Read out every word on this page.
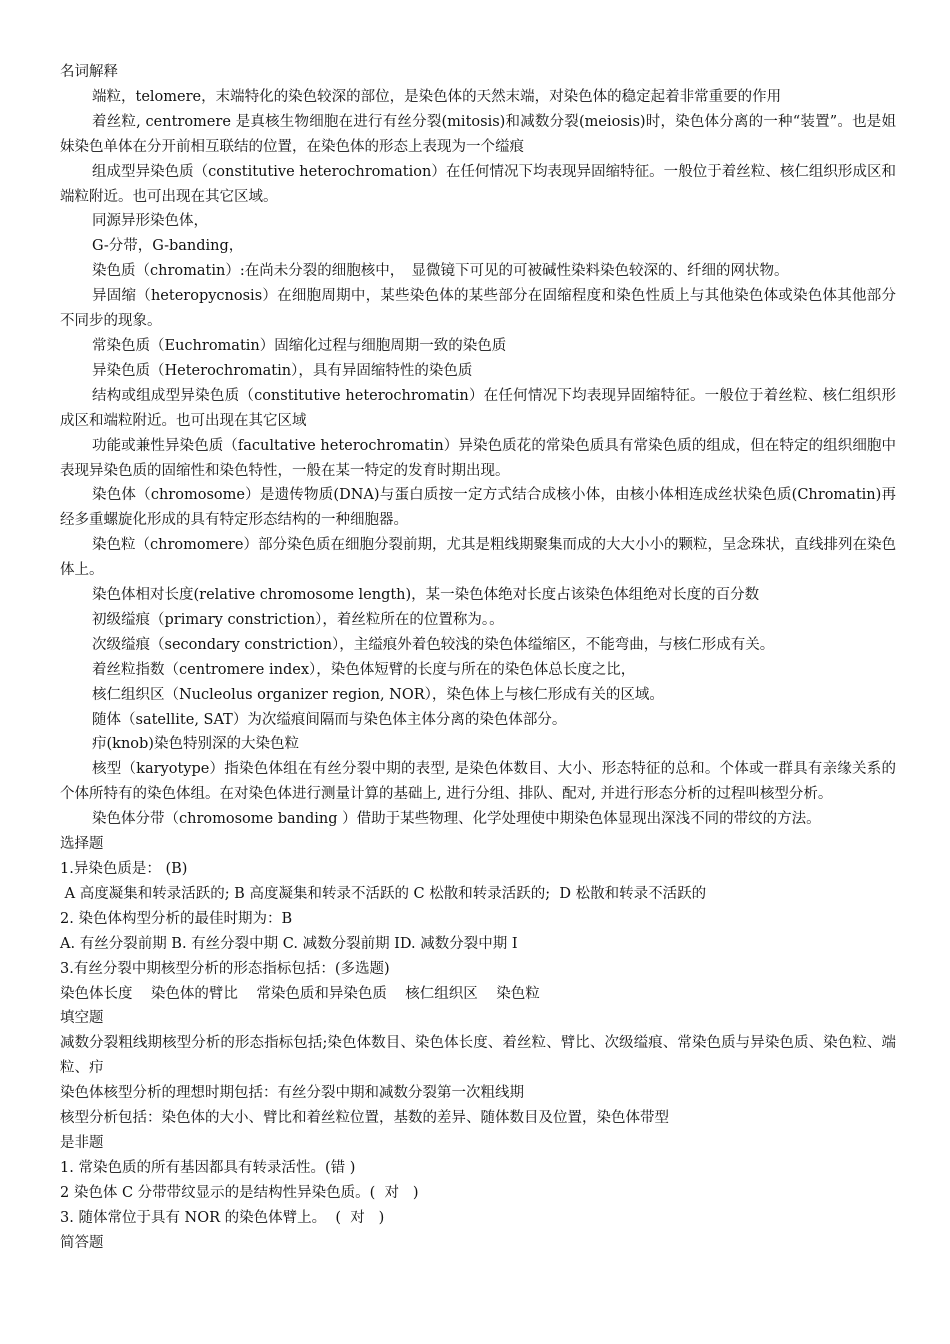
名词解释
端粒，telomere，末端特化的染色较深的部位，是染色体的天然末端，对染色体的稳定起着非常重要的作用
着丝粒, centromere 是真核生物细胞在进行有丝分裂(mitosis)和减数分裂(meiosis)时，染色体分离的一种“装置”。也是姐妹染色单体在分开前相互联结的位置，在染色体的形态上表现为一个缢痕
组成型异染色质（constitutive heterochromation）在任何情况下均表现异固缩特征。一般位于着丝粒、核仁组织形成区和端粒附近。也可出现在其它区域。
同源异形染色体，
G-分带，G-banding，
染色质（chromatin）:在尚未分裂的细胞核中，　显微镜下可见的可被碱性染料染色较深的、纤细的网状物。
异固缩（heteropycnosis）在细胞周期中，某些染色体的某些部分在固缩程度和染色性质上与其他染色体或染色体其他部分不同步的现象。
常染色质（Euchromatin）固缩化过程与细胞周期一致的染色质
异染色质（Heterochromatin），具有异固缩特性的染色质
结构或组成型异染色质（constitutive heterochromatin）在任何情况下均表现异固缩特征。一般位于着丝粒、核仁组织形成区和端粒附近。也可出现在其它区域
功能或兼性异染色质（facultative heterochromatin）异染色质花的常染色质具有常染色质的组成，但在特定的组织细胞中表现异染色质的固缩性和染色特性，一般在某一特定的发育时期出现。
染色体（chromosome）是遗传物质(DNA)与蛋白质按一定方式结合成核小体，由核小体相连成丝状染色质(Chromatin)再经多重螺旋化形成的具有特定形态结构的一种细胞器。
染色粒（chromomere）部分染色质在细胞分裂前期，尤其是粗线期聚集而成的大大小小的颗粒，呈念珠状，直线排列在染色体上。
染色体相对长度(relative chromosome length)，某一染色体绝对长度占该染色体组绝对长度的百分数
初级缢痕（primary constriction），着丝粒所在的位置称为。。
次级缢痕（secondary constriction），主缢痕外着色较浅的染色体缢缩区，不能弯曲，与核仁形成有关。
着丝粒指数（centromere index），染色体短臂的长度与所在的染色体总长度之比，
核仁组织区（Nucleolus organizer region, NOR），染色体上与核仁形成有关的区域。
随体（satellite, SAT）为次缢痕间隔而与染色体主体分离的染色体部分。
疖(knob)染色特别深的大染色粒
核型（karyotype）指染色体组在有丝分裂中期的表型, 是染色体数目、大小、形态特征的总和。个体或一群具有亲缘关系的个体所特有的染色体组。在对染色体进行测量计算的基础上, 进行分组、排队、配对, 并进行形态分析的过程叫核型分析。
染色体分带（chromosome banding ）借助于某些物理、化学处理使中期染色体显现出深浅不同的带纹的方法。
选择题
1.异染色质是： (B)
A 高度凝集和转录活跃的; B 高度凝集和转录不活跃的 C 松散和转录活跃的;  D 松散和转录不活跃的
2. 染色体构型分析的最佳时期为：B
A. 有丝分裂前期 B. 有丝分裂中期 C. 减数分裂前期 ID. 减数分裂中期 I
3.有丝分裂中期核型分析的形态指标包括：(多选题)
染色体长度    染色体的臂比    常染色质和异染色质    核仁组织区    染色粒
填空题
减数分裂粗线期核型分析的形态指标包括;染色体数目、染色体长度、着丝粒、臂比、次级缢痕、常染色质与异染色质、染色粒、端粒、疖
染色体核型分析的理想时期包括：有丝分裂中期和减数分裂第一次粗线期
核型分析包括：染色体的大小、臂比和着丝粒位置，基数的差异、随体数目及位置，染色体带型
是非题
1. 常染色质的所有基因都具有转录活性。(错 )
2 染色体 C 分带带纹显示的是结构性异染色质。(  对   )
3. 随体常位于具有 NOR 的染色体臂上。  (  对   )
简答题
